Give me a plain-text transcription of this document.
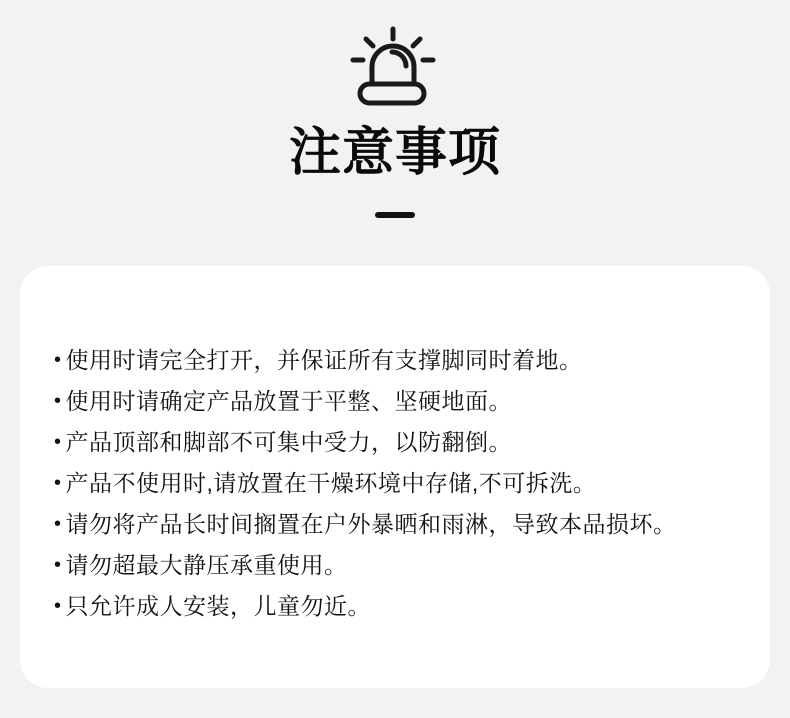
注意事项
• 使用时请完全打开，并保证所有支撑脚同时着地。
• 使用时请确定产品放置于平整、坚硬地面。
• 产品顶部和脚部不可集中受力，以防翻倒。
• 产品不使用时,请放置在干燥环境中存储,不可拆洗。
• 请勿将产品长时间搁置在户外暴晒和雨淋，导致本品损坏。
• 请勿超最大静压承重使用。
• 只允许成人安装，儿童勿近。
